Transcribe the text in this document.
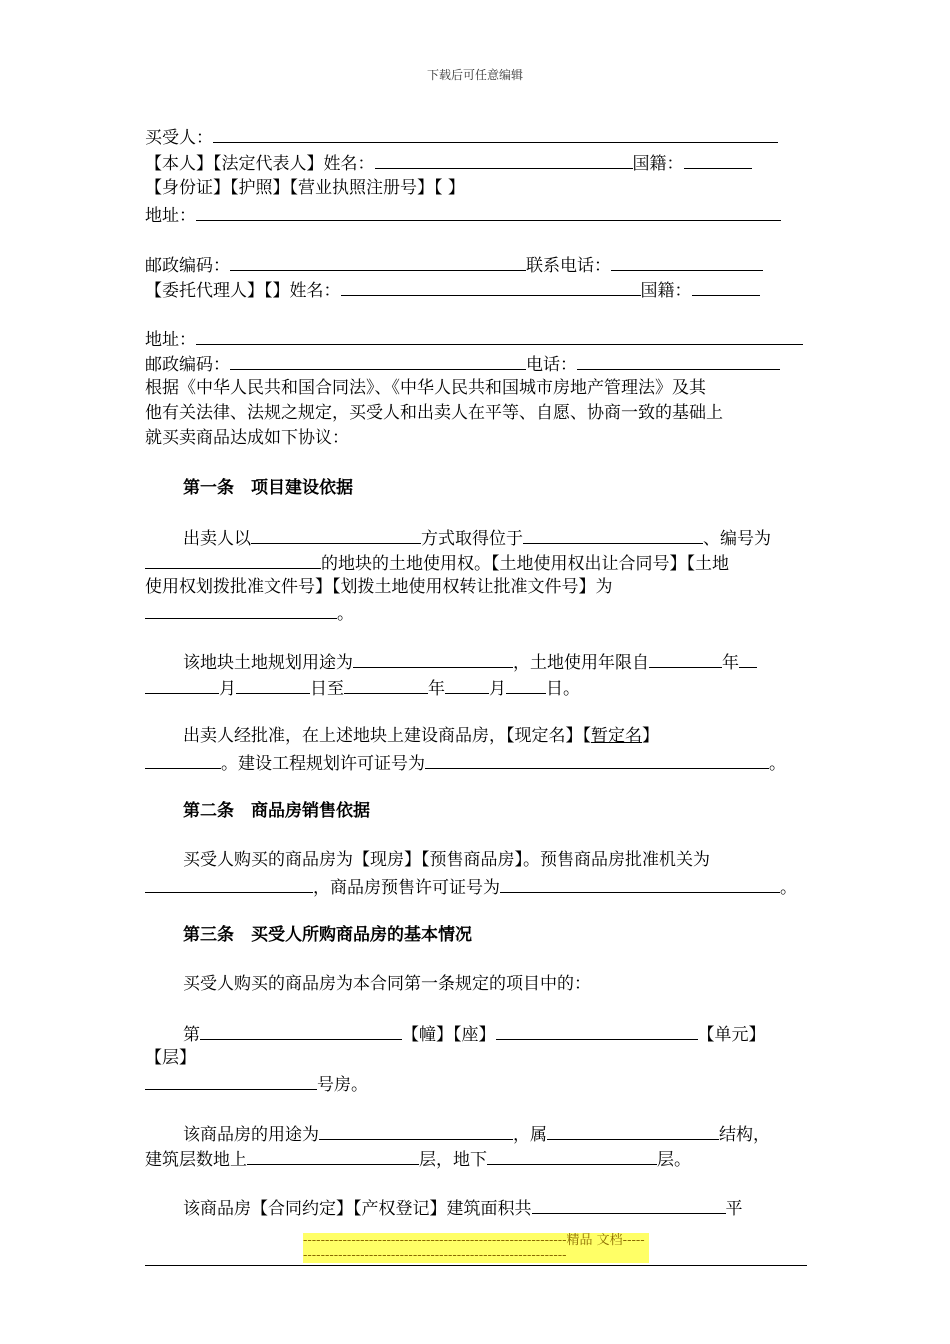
下载后可任意编辑
买受人：
【本人】【法定代表人】姓名：	国籍：
【身份证】【护照】【营业执照注册号】【 】
地址：
邮政编码：	联系电话：
【委托代理人】【】姓名：	国籍：
地址：
邮政编码：	电话：
根据《中华人民共和国合同法》、《中华人民共和国城市房地产管理法》及其
他有关法律、法规之规定，买受人和出卖人在平等、自愿、协商一致的基础上
就买卖商品达成如下协议：
第一条　项目建设依据
出卖人以	方式取得位于	、编号为
的地块的土地使用权。【土地使用权出让合同号】【土地
使用权划拨批准文件号】【划拨土地使用权转让批准文件号】为
。
该地块土地规划用途为	，土地使用年限自	年
月	日至	年	月 日。
出卖人经批准，在上述地块上建设商品房，【现定名】【暂定名】
。建设工程规划许可证号为	。
第二条　商品房销售依据
买受人购买的商品房为【现房】【预售商品房】。预售商品房批准机关为
，商品房预售许可证号为	。
第三条　买受人所购商品房的基本情况
买受人购买的商品房为本合同第一条规定的项目中的：
第	【幢】【座】	【单元】
【层】
号房。
该商品房的用途为	，属	结构，
建筑层数地上	层，地下	层。
该商品房【合同约定】【产权登记】建筑面积共	平
------------------------------------------------------------精品 文档-----------------------------------------------------------------
